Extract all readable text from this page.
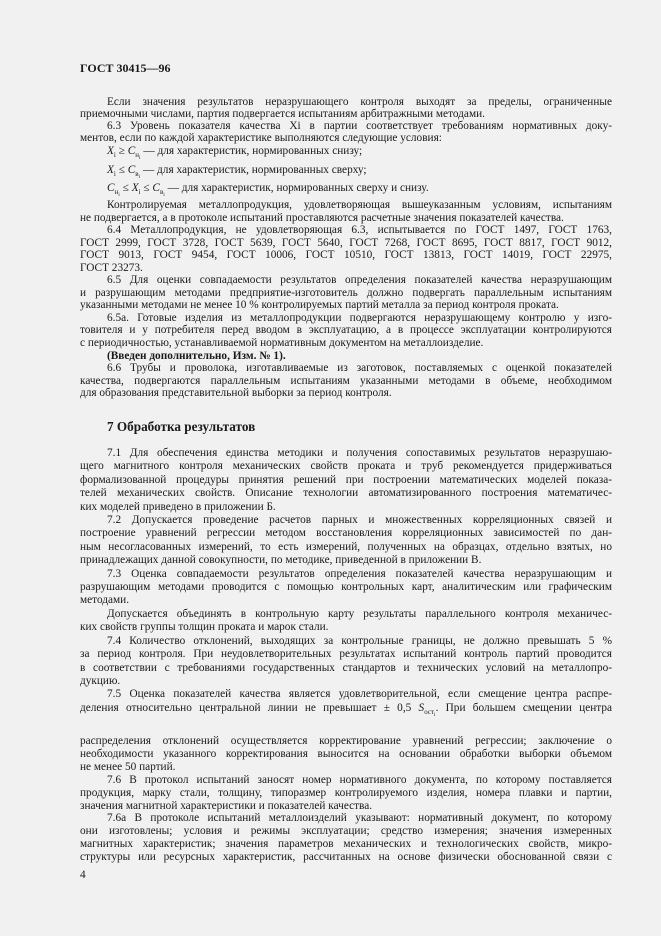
ГОСТ 30415—96
Если значения результатов неразрушающего контроля выходят за пределы, ограниченные
приемочными числами, партия подвергается испытаниям арбитражными методами.
6.3 Уровень показателя качества Xi в партии соответствует требованиям нормативных доку-
ментов, если по каждой характеристике выполняются следующие условия:
$X_i \ge C_{н_i}$ — для характеристик, нормированных снизу;
$X_i \le C_{в_i}$ — для характеристик, нормированных сверху;
$C_{н_i} \le X_i \le C_{в_i}$ — для характеристик, нормированных сверху и снизу.
Контролируемая металлопродукция, удовлетворяющая вышеуказанным условиям, испытаниям
не подвергается, а в протоколе испытаний проставляются расчетные значения показателей качества.
6.4 Металлопродукция, не удовлетворяющая 6.3, испытывается по ГОСТ 1497, ГОСТ 1763,
ГОСТ 2999, ГОСТ 3728, ГОСТ 5639, ГОСТ 5640, ГОСТ 7268, ГОСТ 8695, ГОСТ 8817, ГОСТ 9012,
ГОСТ 9013, ГОСТ 9454, ГОСТ 10006, ГОСТ 10510, ГОСТ 13813, ГОСТ 14019, ГОСТ 22975,
ГОСТ 23273.
6.5 Для оценки совпадаемости результатов определения показателей качества неразрушающим
и разрушающим методами предприятие-изготовитель должно подвергать параллельным испытаниям
указанными методами не менее 10 % контролируемых партий металла за период контроля проката.
6.5а. Готовые изделия из металлопродукции подвергаются неразрушающему контролю у изго-
товителя и у потребителя перед вводом в эксплуатацию, а в процессе эксплуатации контролируются
с периодичностью, устанавливаемой нормативным документом на металлоизделие.
(Введен дополнительно, Изм. № 1).
6.6 Трубы и проволока, изготавливаемые из заготовок, поставляемых с оценкой показателей
качества, подвергаются параллельным испытаниям указанными методами в объеме, необходимом
для образования представительной выборки за период контроля.
7 Обработка результатов
7.1 Для обеспечения единства методики и получения сопоставимых результатов неразрушаю-
щего магнитного контроля механических свойств проката и труб рекомендуется придерживаться
формализованной процедуры принятия решений при построении математических моделей показа-
телей механических свойств. Описание технологии автоматизированного построения математичес-
ких моделей приведено в приложении Б.
7.2 Допускается проведение расчетов парных и множественных корреляционных связей и
построение уравнений регрессии методом восстановления корреляционных зависимостей по дан-
ным несогласованных измерений, то есть измерений, полученных на образцах, отдельно взятых, но
принадлежащих данной совокупности, по методике, приведенной в приложении В.
7.3 Оценка совпадаемости результатов определения показателей качества неразрушающим и
разрушающим методами проводится с помощью контрольных карт, аналитическим или графическим
методами.
Допускается объединять в контрольную карту результаты параллельного контроля механичес-
ких свойств группы толщин проката и марок стали.
7.4 Количество отклонений, выходящих за контрольные границы, не должно превышать 5 %
за период контроля. При неудовлетворительных результатах испытаний контроль партий проводится
в соответствии с требованиями государственных стандартов и технических условий на металлопро-
дукцию.
7.5 Оценка показателей качества является удовлетворительной, если смещение центра распре-
деления относительно центральной линии не превышает ± 0,5 $S_{ост_i}$. При большем смещении центра
распределения отклонений осуществляется корректирование уравнений регрессии; заключение о
необходимости указанного корректирования выносится на основании обработки выборки объемом
не менее 50 партий.
7.6 В протокол испытаний заносят номер нормативного документа, по которому поставляется
продукция, марку стали, толщину, типоразмер контролируемого изделия, номера плавки и партии,
значения магнитной характеристики и показателей качества.
7.6а В протоколе испытаний металлоизделий указывают: нормативный документ, по которому
они изготовлены; условия и режимы эксплуатации; средство измерения; значения измеренных
магнитных характеристик; значения параметров механических и технологических свойств, микро-
структуры или ресурсных характеристик, рассчитанных на основе физически обоснованной связи с
4
